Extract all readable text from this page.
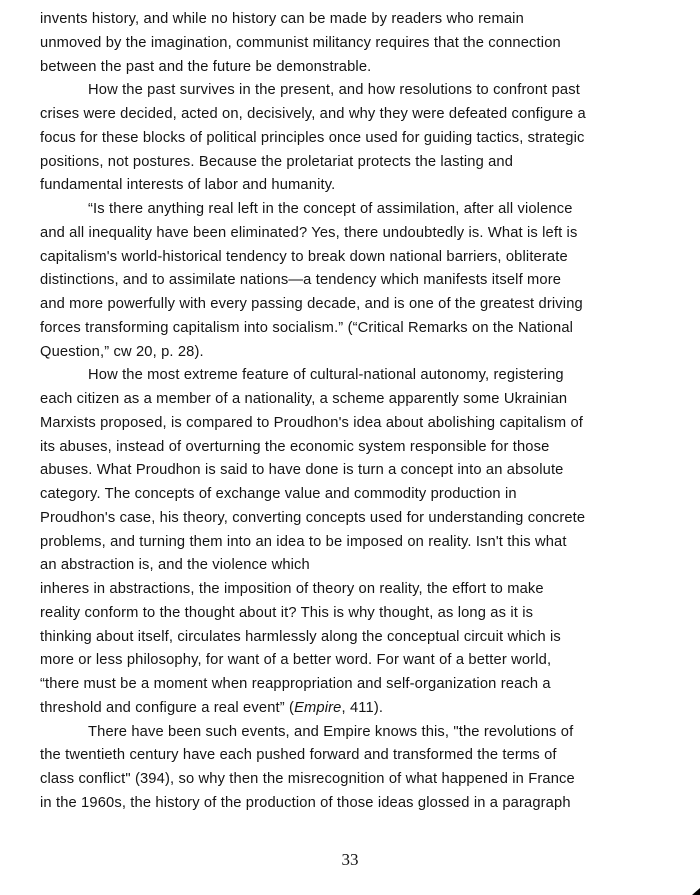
invents history, and while no history can be made by readers who remain
unmoved by the imagination, communist militancy requires that the connection
between the past and the future be demonstrable.
How the past survives in the present, and how resolutions to confront past
crises were decided, acted on, decisively, and why they were defeated configure a
focus for these blocks of political principles once used for guiding tactics, strategic
positions, not postures. Because the proletariat protects the lasting and
fundamental interests of labor and humanity.
“Is there anything real left in the concept of assimilation, after all violence
and all inequality have been eliminated? Yes, there undoubtedly is. What is left is
capitalism's world-historical tendency to break down national barriers, obliterate
distinctions, and to assimilate nations—a tendency which manifests itself more
and more powerfully with every passing decade, and is one of the greatest driving
forces transforming capitalism into socialism.” (“Critical Remarks on the National
Question,” cw 20, p. 28).
How the most extreme feature of cultural-national autonomy, registering
each citizen as a member of a nationality, a scheme apparently some Ukrainian
Marxists proposed, is compared to Proudhon's idea about abolishing capitalism of
its abuses, instead of overturning the economic system responsible for those
abuses. What Proudhon is said to have done is turn a concept into an absolute
category. The concepts of exchange value and commodity production in
Proudhon's case, his theory, converting concepts used for understanding concrete
problems, and turning them into an idea to be imposed on reality. Isn't this what
an abstraction is, and the violence which
inheres in abstractions, the imposition of theory on reality, the effort to make
reality conform to the thought about it? This is why thought, as long as it is
thinking about itself, circulates harmlessly along the conceptual circuit which is
more or less philosophy, for want of a better word. For want of a better world,
“there must be a moment when reappropriation and self-organization reach a
threshold and configure a real event” (Empire, 411).
There have been such events, and Empire knows this, "the revolutions of
the twentieth century have each pushed forward and transformed the terms of
class conflict" (394), so why then the misrecognition of what happened in France
in the 1960s, the history of the production of those ideas glossed in a paragraph
33
